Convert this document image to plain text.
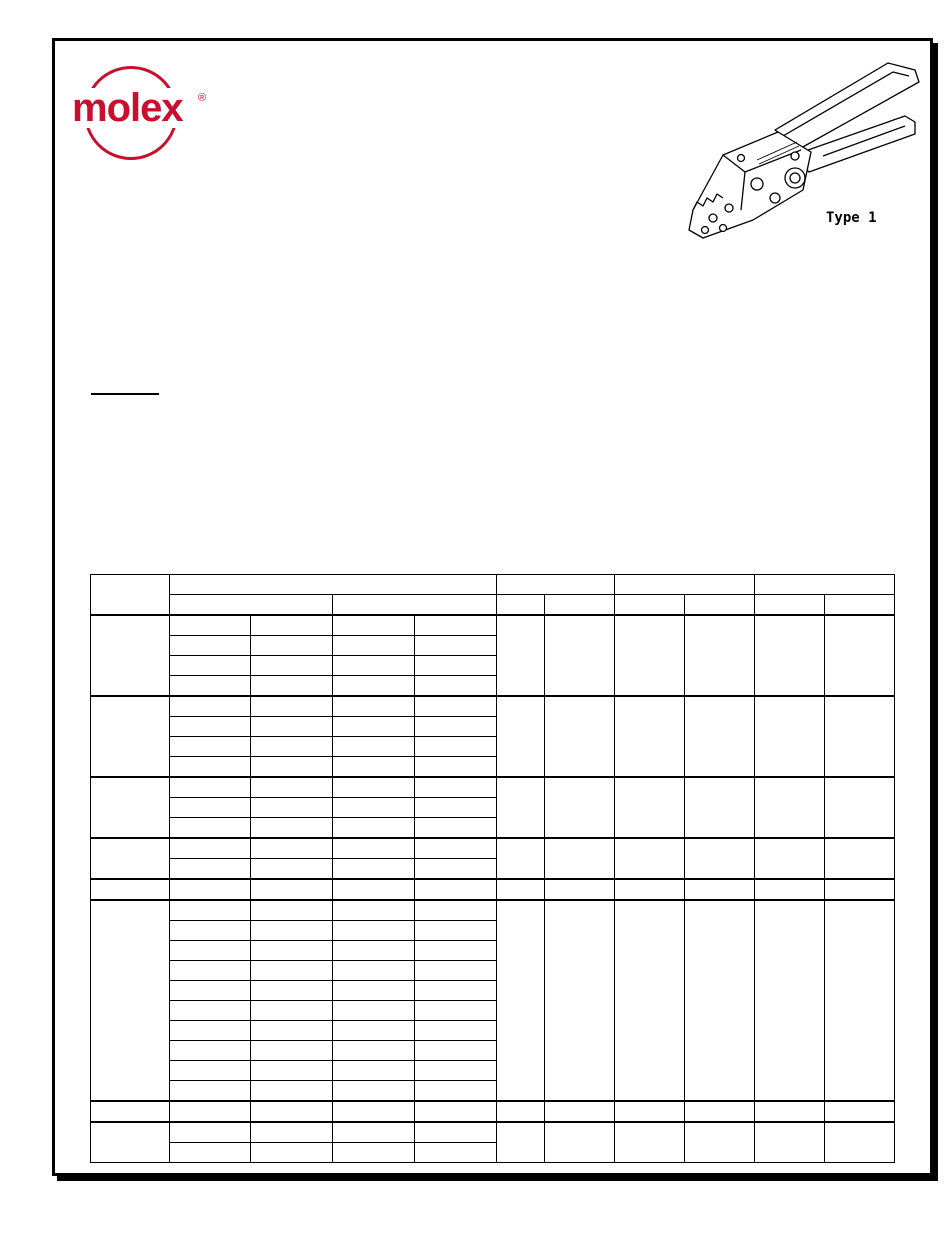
molex ®
Type 1
